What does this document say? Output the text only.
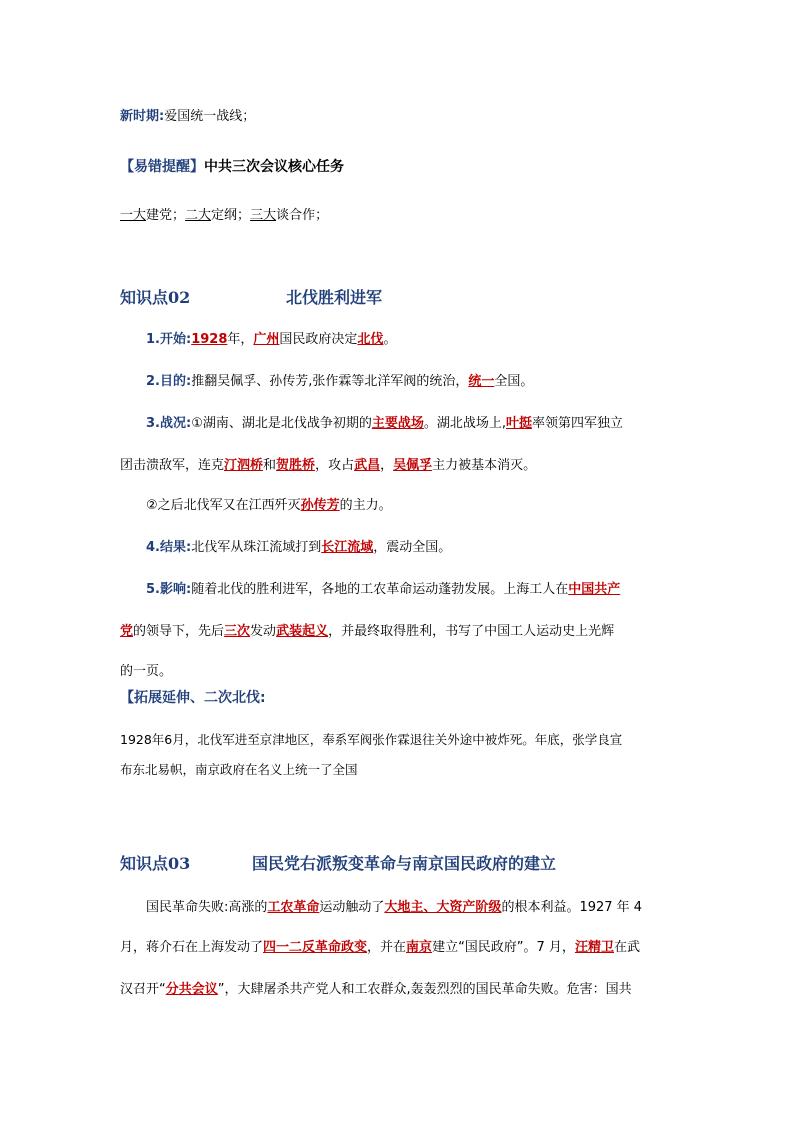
新时期:爱国统一战线；
【易错提醒】中共三次会议核心任务
一大建党；二大定纲；三大谈合作；
知识点02	北伐胜利进军
1.开始:1928年，广州国民政府决定北伐。
2.目的:推翻吴佩孚、孙传芳,张作霖等北洋军阀的统治，统一全国。
3.战况:①湖南、湖北是北伐战争初期的主要战场。湖北战场上,叶挺率领第四军独立
团击溃敌军，连克汀泗桥和贺胜桥，攻占武昌，吴佩孚主力被基本消灭。
②之后北伐军又在江西歼灭孙传芳的主力。
4.结果:北伐军从珠江流域打到长江流域，震动全国。
5.影响:随着北伐的胜利进军，各地的工农革命运动蓬勃发展。上海工人在中国共产
党的领导下，先后三次发动武装起义，并最终取得胜利，书写了中国工人运动史上光辉
的一页。
【拓展延伸、二次北伐:
1928年6月，北伐军进至京津地区，奉系军阀张作霖退往关外途中被炸死。年底，张学良宣
布东北易帜，南京政府在名义上统一了全国
知识点03	国民党右派叛变革命与南京国民政府的建立
国民革命失败:高涨的工农革命运动触动了大地主、大资产阶级的根本利益。1927 年 4
月，蒋介石在上海发动了四一二反革命政变，并在南京建立“国民政府”。7 月，汪精卫在武
汉召开“分共会议”，大肆屠杀共产党人和工农群众,轰轰烈烈的国民革命失败。危害：国共
